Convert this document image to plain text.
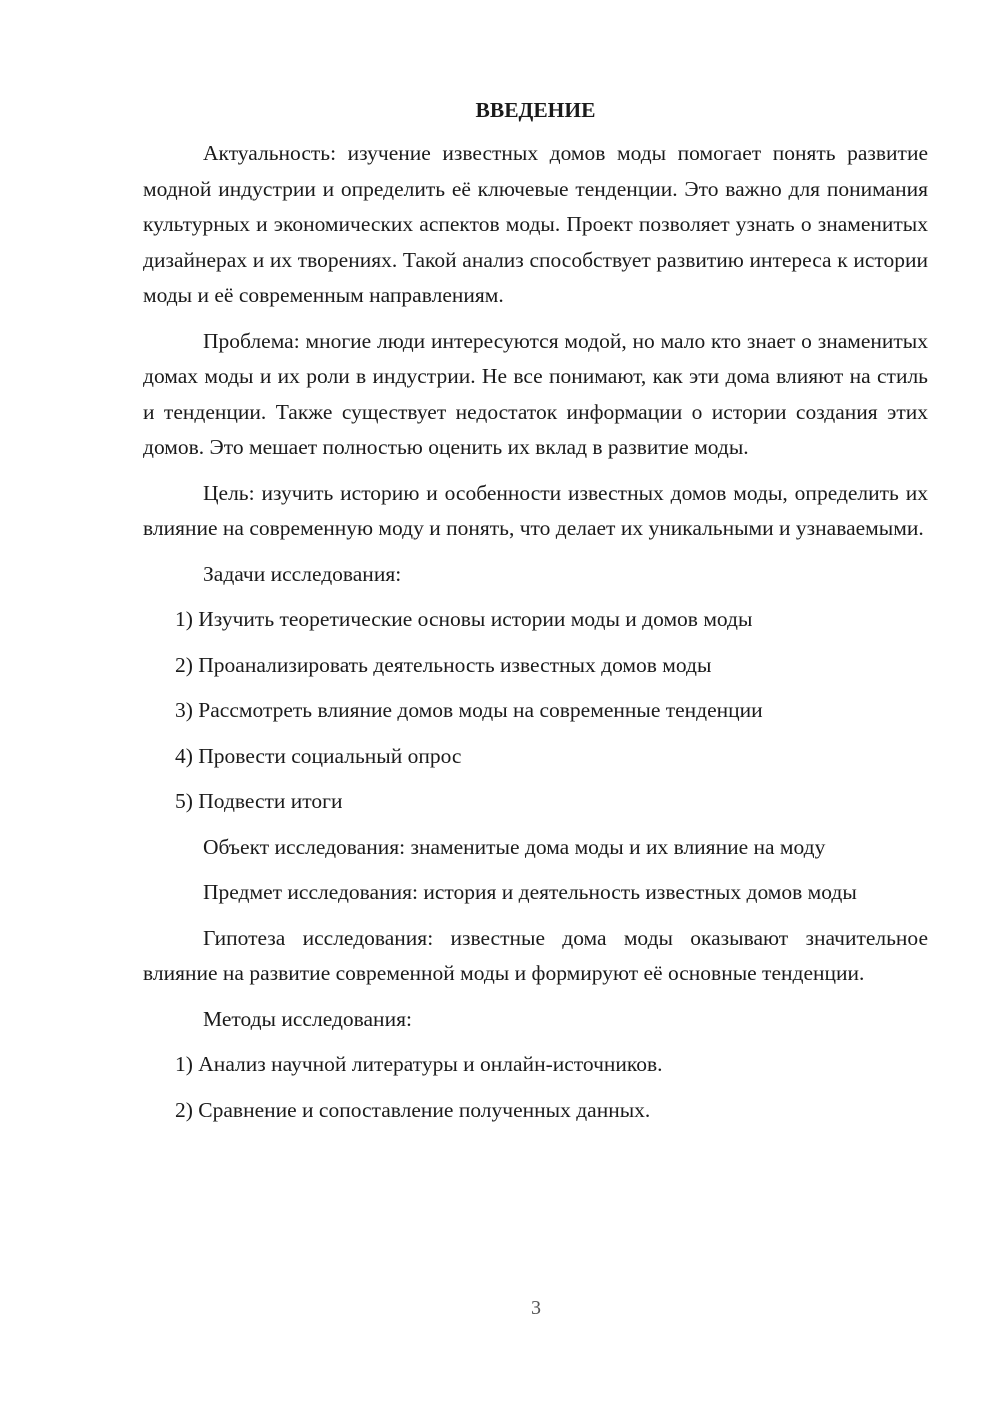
ВВЕДЕНИЕ

Актуальность: изучение известных домов моды помогает понять развитие модной индустрии и определить её ключевые тенденции. Это важно для понимания культурных и экономических аспектов моды. Проект позволяет узнать о знаменитых дизайнерах и их творениях. Такой анализ способствует развитию интереса к истории моды и её современным направлениям.

Проблема: многие люди интересуются модой, но мало кто знает о знаменитых домах моды и их роли в индустрии. Не все понимают, как эти дома влияют на стиль и тенденции. Также существует недостаток информации о истории создания этих домов. Это мешает полностью оценить их вклад в развитие моды.

Цель: изучить историю и особенности известных домов моды, определить их влияние на современную моду и понять, что делает их уникальными и узнаваемыми.

Задачи исследования:

1) Изучить теоретические основы истории моды и домов моды
2) Проанализировать деятельность известных домов моды
3) Рассмотреть влияние домов моды на современные тенденции
4) Провести социальный опрос
5) Подвести итоги

Объект исследования: знаменитые дома моды и их влияние на моду

Предмет исследования: история и деятельность известных домов моды

Гипотеза исследования: известные дома моды оказывают значительное влияние на развитие современной моды и формируют её основные тенденции.

Методы исследования:

1) Анализ научной литературы и онлайн-источников.
2) Сравнение и сопоставление полученных данных.
3
